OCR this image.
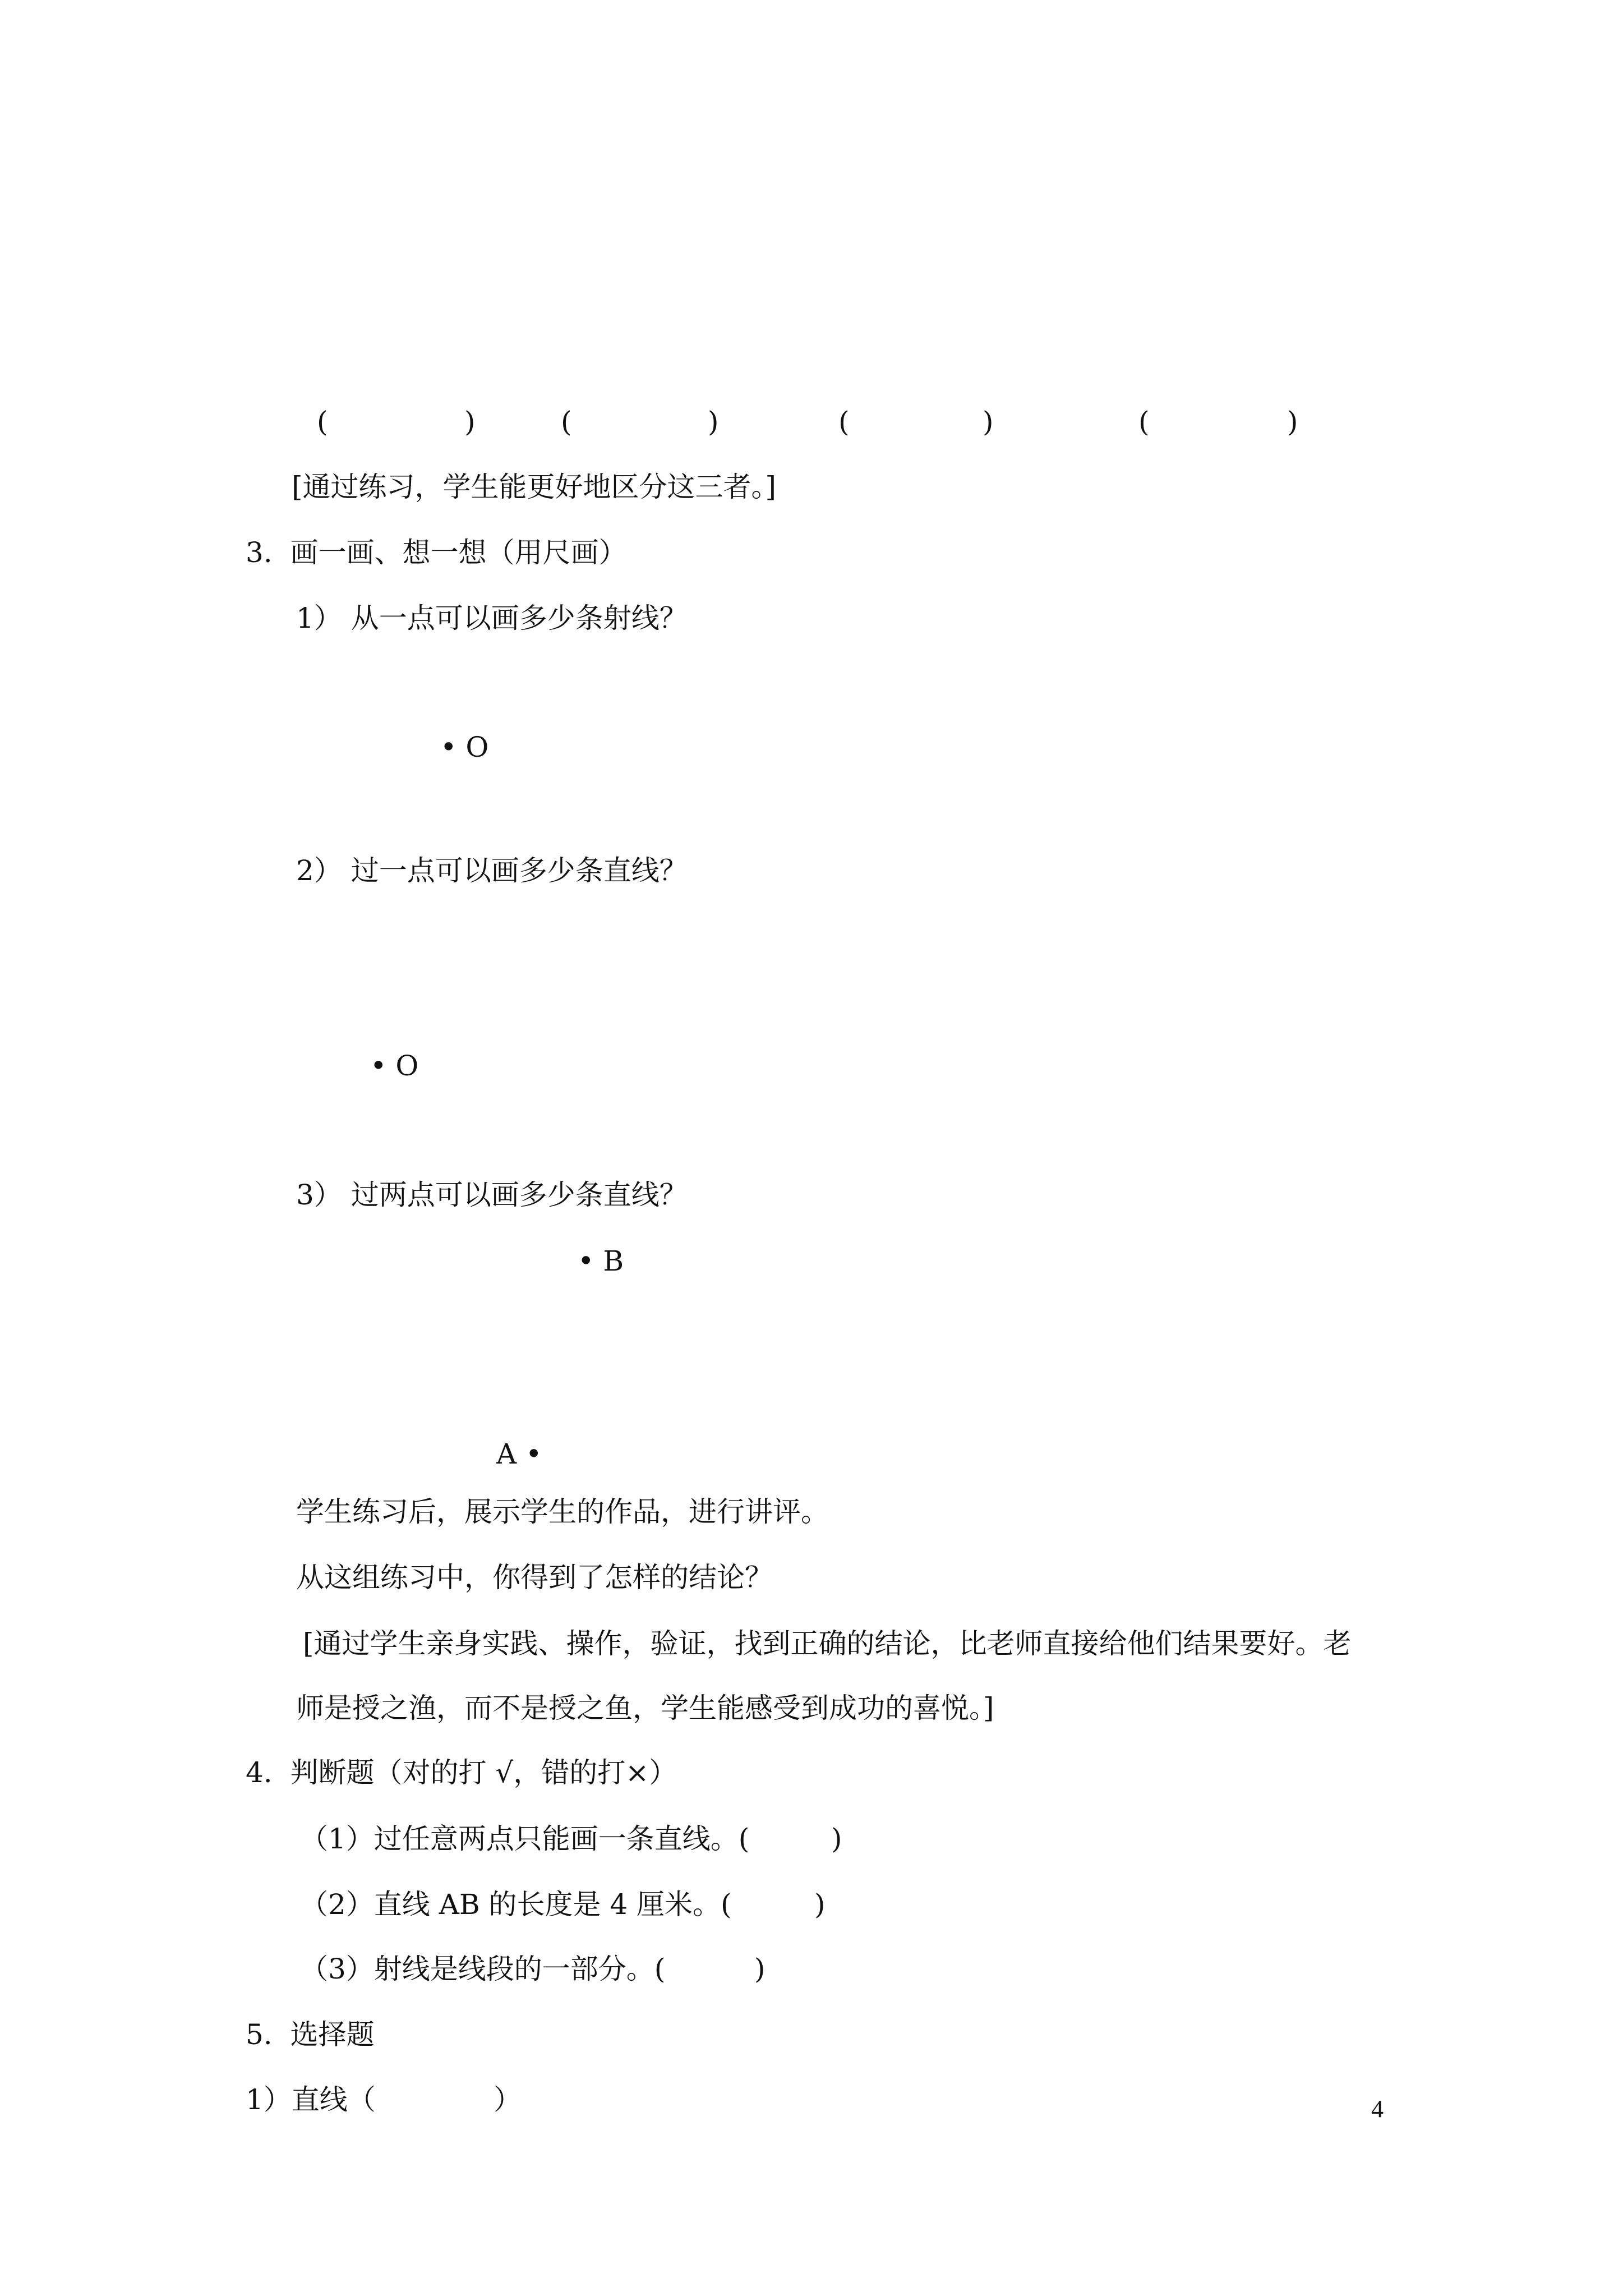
(	)	(	)	(	)	(	)
[通过练习，学生能更好地区分这三者。]
3.  画一画、想一想（用尺画）
1） 从一点可以画多少条射线？
• O
2） 过一点可以画多少条直线？
• O
3） 过两点可以画多少条直线？
• B
A •
学生练习后，展示学生的作品，进行讲评。
从这组练习中，你得到了怎样的结论？
[通过学生亲身实践、操作，验证，找到正确的结论，比老师直接给他们结果要好。老
师是授之渔，而不是授之鱼，学生能感受到成功的喜悦。]
4.  判断题（对的打 √，错的打×）
（1）过任意两点只能画一条直线。(	)
（2）直线 AB 的长度是 4 厘米。(	)
（3）射线是线段的一部分。(	)
5.  选择题
1）直线（	）	4
